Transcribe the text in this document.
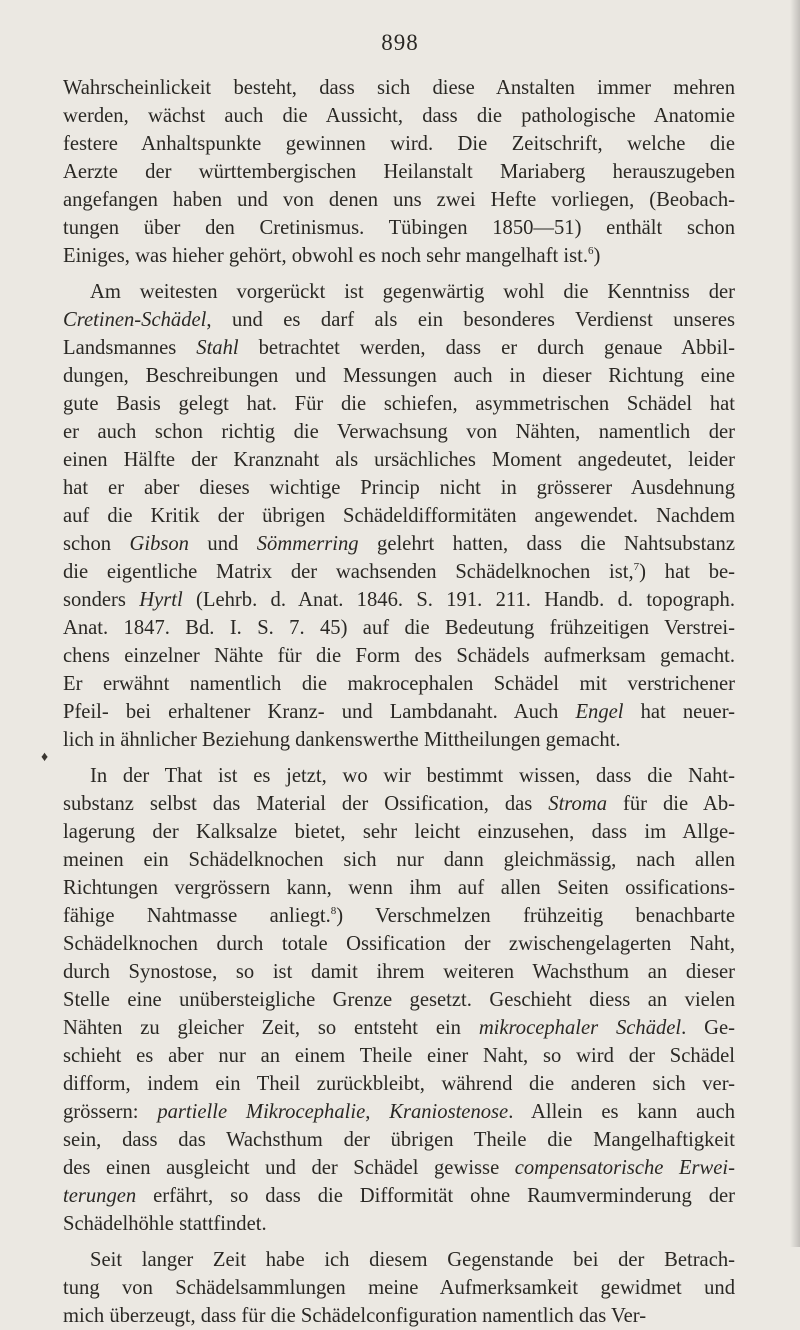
898
Wahrscheinlickeit besteht, dass sich diese Anstalten immer mehren
werden, wächst auch die Aussicht, dass die pathologische Anatomie
festere Anhaltspunkte gewinnen wird. Die Zeitschrift, welche die
Aerzte der württembergischen Heilanstalt Mariaberg herauszugeben
angefangen haben und von denen uns zwei Hefte vorliegen, (Beobach-
tungen über den Cretinismus. Tübingen 1850—51) enthält schon
Einiges, was hieher gehört, obwohl es noch sehr mangelhaft ist.$^6$)
Am weitesten vorgerückt ist gegenwärtig wohl die Kenntniss der
Cretinen-Schädel, und es darf als ein besonderes Verdienst unseres
Landsmannes Stahl betrachtet werden, dass er durch genaue Abbil-
dungen, Beschreibungen und Messungen auch in dieser Richtung eine
gute Basis gelegt hat. Für die schiefen, asymmetrischen Schädel hat
er auch schon richtig die Verwachsung von Nähten, namentlich der
einen Hälfte der Kranznaht als ursächliches Moment angedeutet, leider
hat er aber dieses wichtige Princip nicht in grösserer Ausdehnung
auf die Kritik der übrigen Schädeldifformitäten angewendet. Nachdem
schon Gibson und Sömmerring gelehrt hatten, dass die Nahtsubstanz
die eigentliche Matrix der wachsenden Schädelknochen ist,$^7$) hat be-
sonders Hyrtl (Lehrb. d. Anat. 1846. S. 191. 211. Handb. d. topograph.
Anat. 1847. Bd. I. S. 7. 45) auf die Bedeutung frühzeitigen Verstrei-
chens einzelner Nähte für die Form des Schädels aufmerksam gemacht.
Er erwähnt namentlich die makrocephalen Schädel mit verstrichener
Pfeil- bei erhaltener Kranz- und Lambdanaht. Auch Engel hat neuer-
lich in ähnlicher Beziehung dankenswerthe Mittheilungen gemacht.
In der That ist es jetzt, wo wir bestimmt wissen, dass die Naht-
substanz selbst das Material der Ossification, das Stroma für die Ab-
lagerung der Kalksalze bietet, sehr leicht einzusehen, dass im Allge-
meinen ein Schädelknochen sich nur dann gleichmässig, nach allen
Richtungen vergrössern kann, wenn ihm auf allen Seiten ossifications-
fähige Nahtmasse anliegt.$^8$) Verschmelzen frühzeitig benachbarte
Schädelknochen durch totale Ossification der zwischengelagerten Naht,
durch Synostose, so ist damit ihrem weiteren Wachsthum an dieser
Stelle eine unübersteigliche Grenze gesetzt. Geschieht diess an vielen
Nähten zu gleicher Zeit, so entsteht ein mikrocephaler Schädel. Ge-
schieht es aber nur an einem Theile einer Naht, so wird der Schädel
difform, indem ein Theil zurückbleibt, während die anderen sich ver-
grössern: partielle Mikrocephalie, Kraniostenose. Allein es kann auch
sein, dass das Wachsthum der übrigen Theile die Mangelhaftigkeit
des einen ausgleicht und der Schädel gewisse compensatorische Erwei-
terungen erfährt, so dass die Difformität ohne Raumverminderung der
Schädelhöhle stattfindet.
Seit langer Zeit habe ich diesem Gegenstande bei der Betrach-
tung von Schädelsammlungen meine Aufmerksamkeit gewidmet und
mich überzeugt, dass für die Schädelconfiguration namentlich das Ver-
♦
